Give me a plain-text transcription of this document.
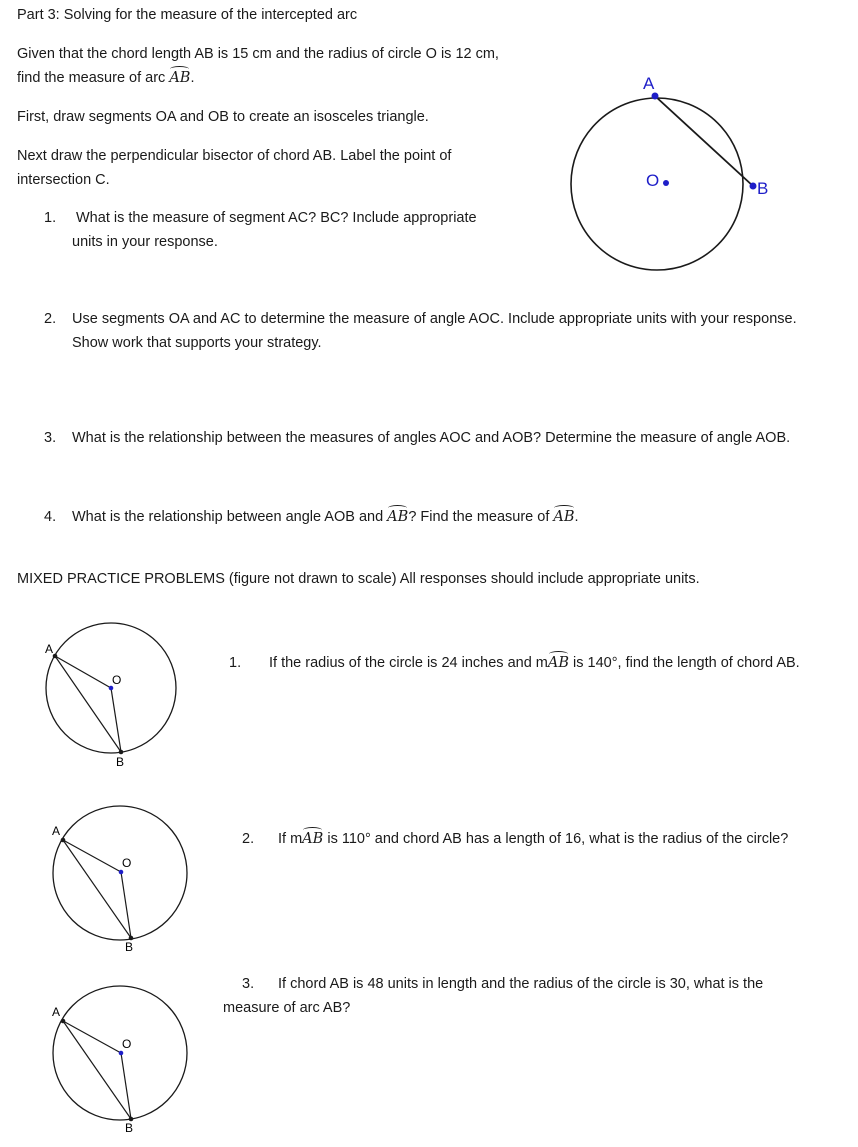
Part 3: Solving for the measure of the intercepted arc
Given that the chord length AB is 15 cm and the radius of circle O is 12 cm,
find the measure of arc AB.
First, draw segments OA and OB to create an isosceles triangle.
Next draw the perpendicular bisector of chord AB. Label the point of
intersection C.
1. What is the measure of segment AC? BC? Include appropriate
units in your response.
2. Use segments OA and AC to determine the measure of angle AOC. Include appropriate units with your response.
Show work that supports your strategy.
3. What is the relationship between the measures of angles AOC and AOB? Determine the measure of angle AOB.
4. What is the relationship between angle AOB and AB? Find the measure of AB.
A
B
O
MIXED PRACTICE PROBLEMS (figure not drawn to scale) All responses should include appropriate units.
A
B
O
1. If the radius of the circle is 24 inches and mAB is 140°, find the length of chord AB.
A
B
O
2. If mAB is 110° and chord AB has a length of 16, what is the radius of the circle?
A
B
O
3. If chord AB is 48 units in length and the radius of the circle is 30, what is the
measure of arc AB?
